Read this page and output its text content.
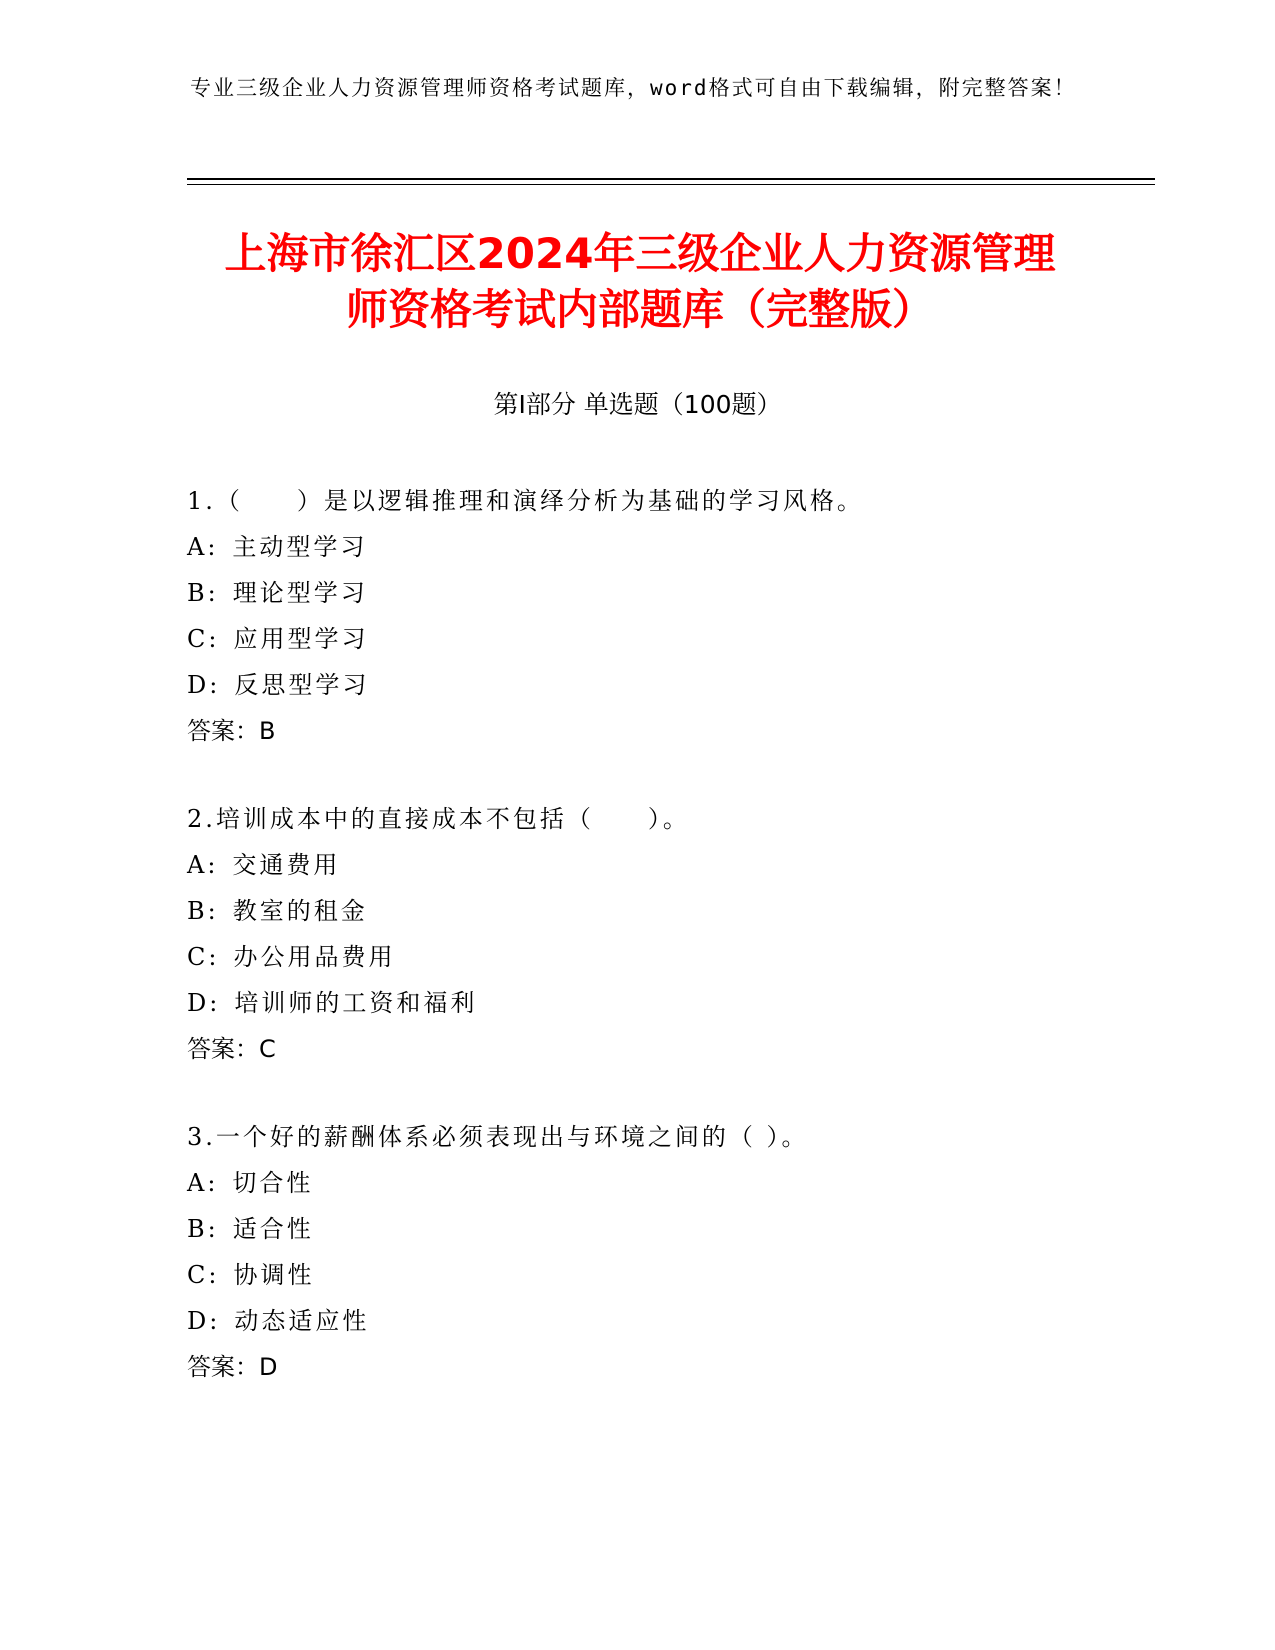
专业三级企业人力资源管理师资格考试题库，word格式可自由下载编辑，附完整答案！
上海市徐汇区2024年三级企业人力资源管理
师资格考试内部题库（完整版）
第Ⅰ部分 单选题（100题）
1.（　　）是以逻辑推理和演绎分析为基础的学习风格。
A: 主动型学习
B: 理论型学习
C: 应用型学习
D: 反思型学习
答案：B
2.培训成本中的直接成本不包括（　　）。
A: 交通费用
B: 教室的租金
C: 办公用品费用
D: 培训师的工资和福利
答案：C
3.一个好的薪酬体系必须表现出与环境之间的（ ）。
A: 切合性
B: 适合性
C: 协调性
D: 动态适应性
答案：D
